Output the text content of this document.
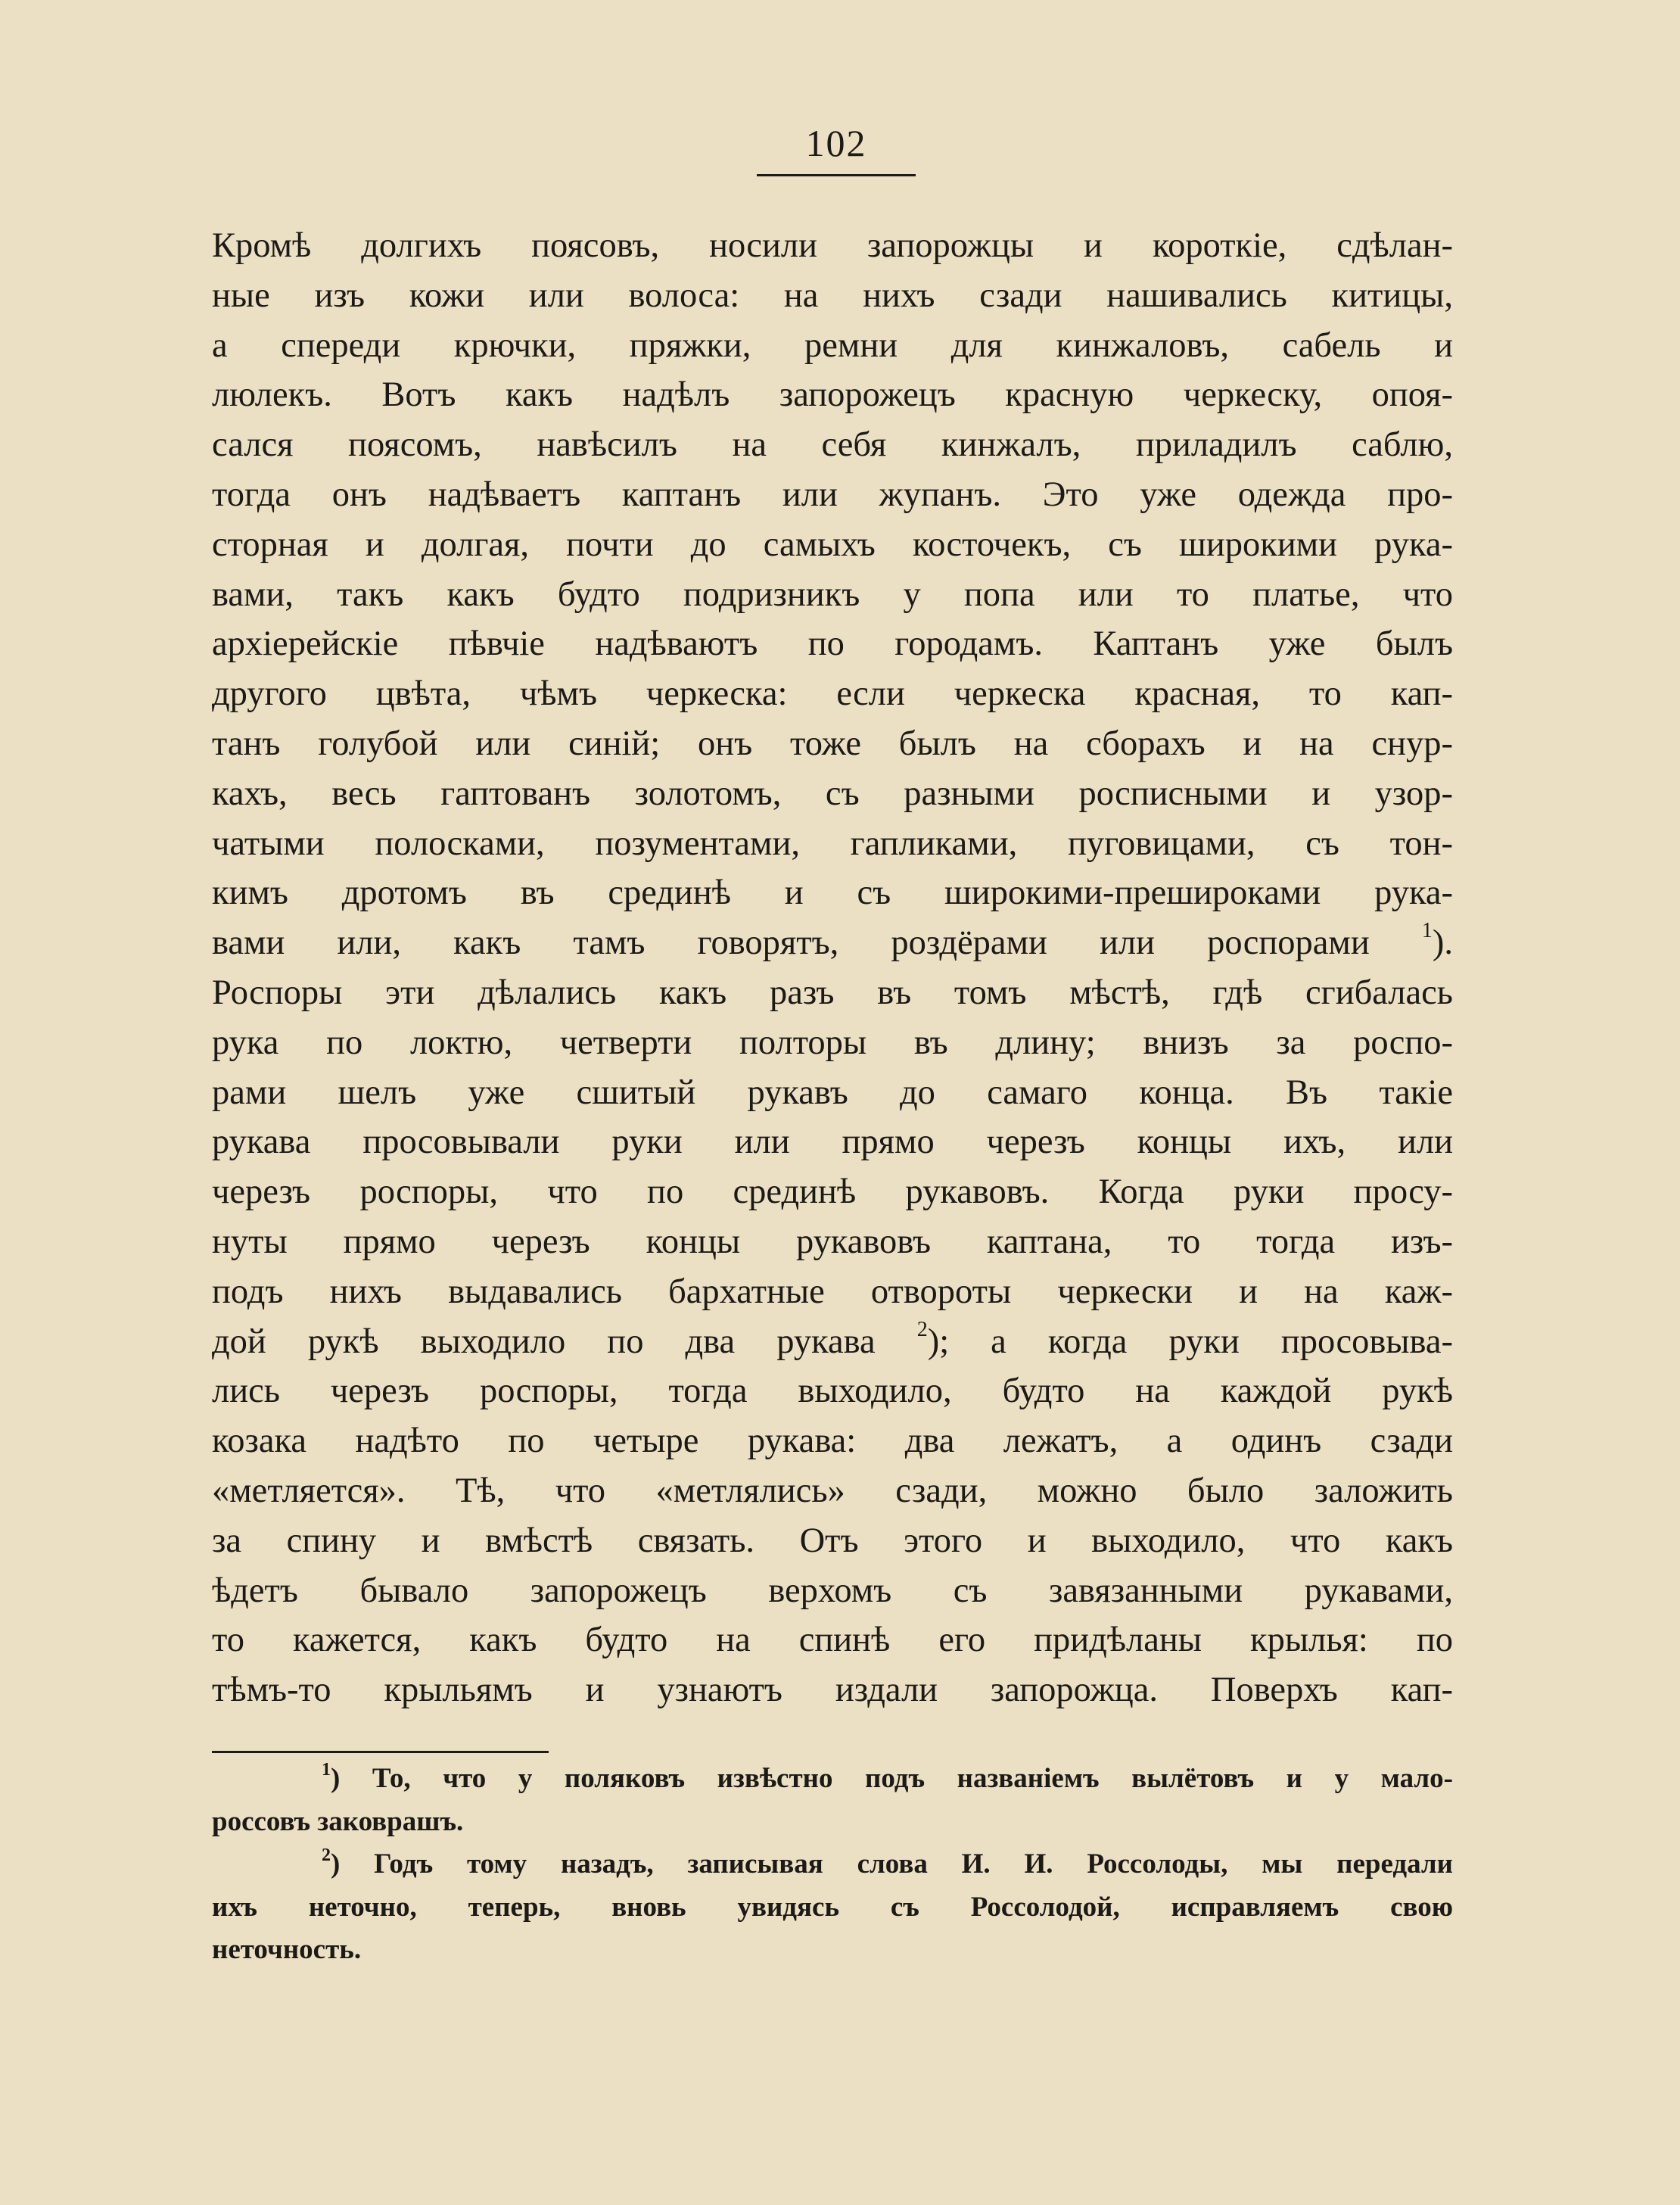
102
Кромѣ долгихъ поясовъ, носили запорожцы и короткіе, сдѣлан-
ные изъ кожи или волоса: на нихъ сзади нашивались китицы,
а спереди крючки, пряжки, ремни для кинжаловъ, сабель и
люлекъ. Вотъ какъ надѣлъ запорожецъ красную черкеску, опоя-
сался поясомъ, навѣсилъ на себя кинжалъ, приладилъ саблю,
тогда онъ надѣваетъ каптанъ или жупанъ. Это уже одежда про-
сторная и долгая, почти до самыхъ косточекъ, съ широкими рука-
вами, такъ какъ будто подризникъ у попа или то платье, что
архіерейскіе пѣвчіе надѣваютъ по городамъ. Каптанъ уже былъ
другого цвѣта, чѣмъ черкеска: если черкеска красная, то кап-
танъ голубой или синій; онъ тоже былъ на сборахъ и на снур-
кахъ, весь гаптованъ золотомъ, съ разными росписными и узор-
чатыми полосками, позументами, гапликами, пуговицами, съ тон-
кимъ дротомъ въ срединѣ и съ широкими-прешироками рука-
вами или, какъ тамъ говорятъ, роздёрами или роспорами $^1$).
Роспоры эти дѣлались какъ разъ въ томъ мѣстѣ, гдѣ сгибалась
рука по локтю, четверти полторы въ длину; внизъ за роспо-
рами шелъ уже сшитый рукавъ до самаго конца. Въ такіе
рукава просовывали руки или прямо черезъ концы ихъ, или
черезъ роспоры, что по срединѣ рукавовъ. Когда руки просу-
нуты прямо черезъ концы рукавовъ каптана, то тогда изъ-
подъ нихъ выдавались бархатные отвороты черкески и на каж-
дой рукѣ выходило по два рукава $^2$); а когда руки просовыва-
лись черезъ роспоры, тогда выходило, будто на каждой рукѣ
козака надѣто по четыре рукава: два лежатъ, а одинъ сзади
«метляется». Тѣ, что «метлялись» сзади, можно было заложить
за спину и вмѣстѣ связать. Отъ этого и выходило, что какъ
ѣдетъ бывало запорожецъ верхомъ съ завязанными рукавами,
то кажется, какъ будто на спинѣ его придѣланы крылья: по
тѣмъ-то крыльямъ и узнаютъ издали запорожца. Поверхъ кап-
$^1$) То, что у поляковъ извѣстно подъ названіемъ вылётовъ и у мало-
россовъ заковрашъ.
$^2$) Годъ тому назадъ, записывая слова И. И. Россолоды, мы передали
ихъ неточно, теперь, вновь увидясь съ Россолодой, исправляемъ свою
неточность.
